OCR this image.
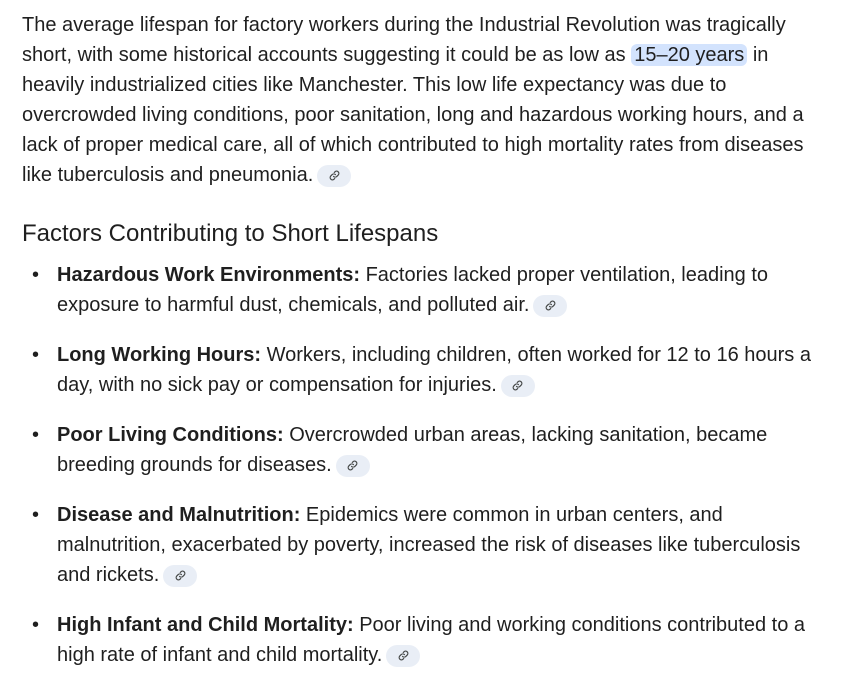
The average lifespan for factory workers during the Industrial Revolution was tragically short, with some historical accounts suggesting it could be as low as 15–20 years in heavily industrialized cities like Manchester. This low life expectancy was due to overcrowded living conditions, poor sanitation, long and hazardous working hours, and a lack of proper medical care, all of which contributed to high mortality rates from diseases like tuberculosis and pneumonia.

Factors Contributing to Short Lifespans
• Hazardous Work Environments: Factories lacked proper ventilation, leading to exposure to harmful dust, chemicals, and polluted air.
• Long Working Hours: Workers, including children, often worked for 12 to 16 hours a day, with no sick pay or compensation for injuries.
• Poor Living Conditions: Overcrowded urban areas, lacking sanitation, became breeding grounds for diseases.
• Disease and Malnutrition: Epidemics were common in urban centers, and malnutrition, exacerbated by poverty, increased the risk of diseases like tuberculosis and rickets.
• High Infant and Child Mortality: Poor living and working conditions contributed to a high rate of infant and child mortality.
